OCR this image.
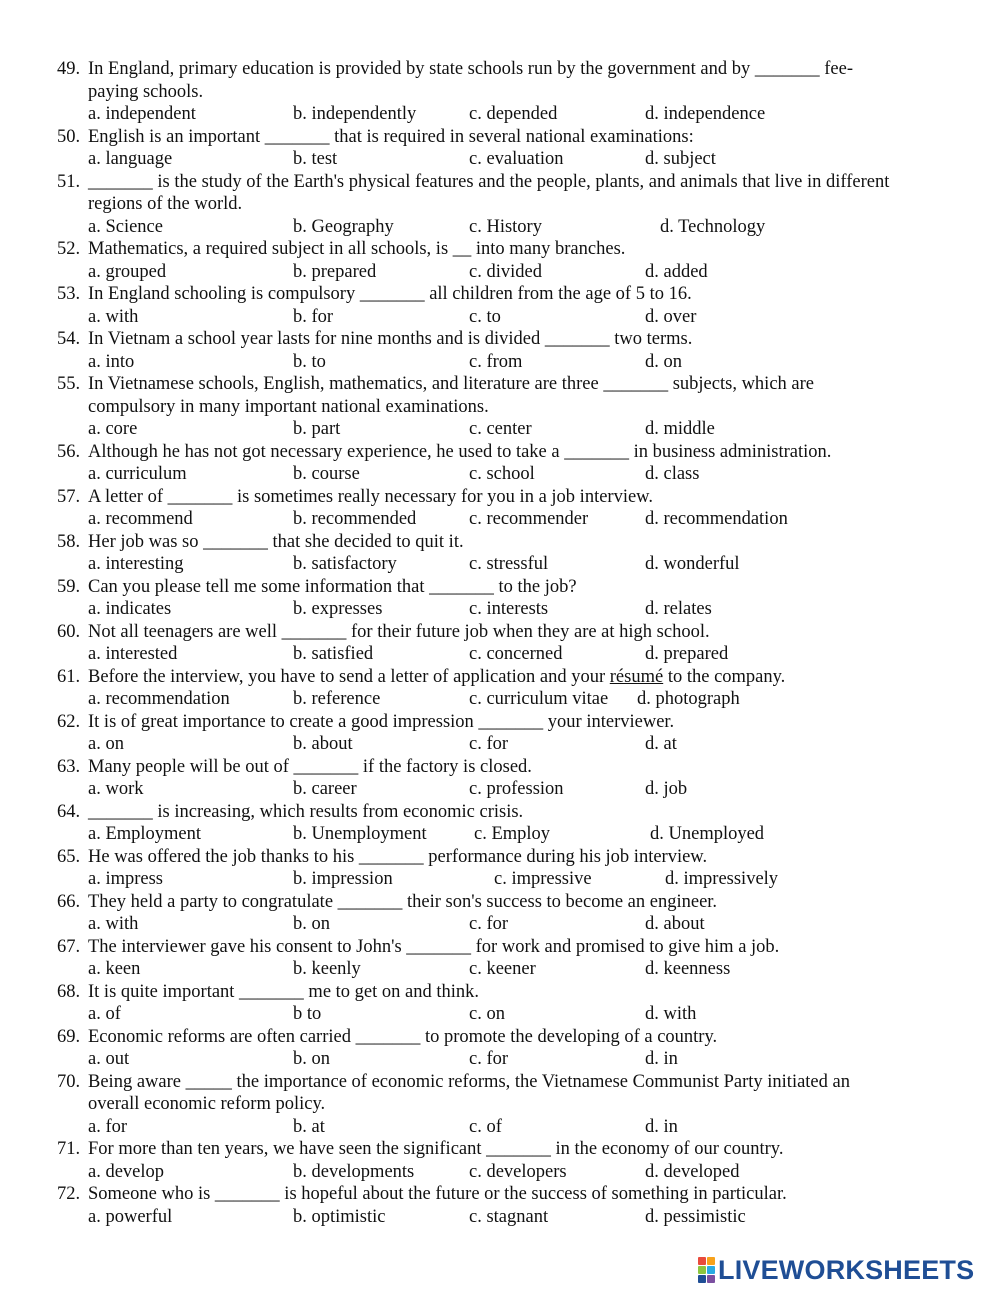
49. In England, primary education is provided by state schools run by the government and by _______ fee-
paying schools.
a. independent	b. independently	c. depended	d. independence
50. English is an important _______ that is required in several national examinations:
a. language	b. test	c. evaluation	d. subject
51. _______ is the study of the Earth's physical features and the people, plants, and animals that live in different
regions of the world.
a. Science	b. Geography	c. History	d. Technology
52. Mathematics, a required subject in all schools, is __ into many branches.
a. grouped	b. prepared	c. divided	d. added
53. In England schooling is compulsory _______ all children from the age of 5 to 16.
a. with	b. for	c. to	d. over
54. In Vietnam a school year lasts for nine months and is divided _______ two terms.
a. into	b. to	c. from	d. on
55. In Vietnamese schools, English, mathematics, and literature are three _______ subjects, which are
compulsory in many important national examinations.
a. core	b. part	c. center	d. middle
56. Although he has not got necessary experience, he used to take a _______ in business administration.
a. curriculum	b. course	c. school	d. class
57. A letter of _______ is sometimes really necessary for you in a job interview.
a. recommend	b. recommended	c. recommender	d. recommendation
58. Her job was so _______ that she decided to quit it.
a. interesting	b. satisfactory	c. stressful	d. wonderful
59. Can you please tell me some information that _______ to the job?
a. indicates	b. expresses	c. interests	d. relates
60. Not all teenagers are well _______ for their future job when they are at high school.
a. interested	b. satisfied	c. concerned	d. prepared
61. Before the interview, you have to send a letter of application and your résumé to the company.
a. recommendation	b. reference	c. curriculum vitae d. photograph
62. It is of great importance to create a good impression _______ your interviewer.
a. on	b. about	c. for	d. at
63. Many people will be out of _______ if the factory is closed.
a. work	b. career	c. profession	d. job
64. _______ is increasing, which results from economic crisis.
a. Employment	b. Unemployment	c. Employ	d. Unemployed
65. He was offered the job thanks to his _______ performance during his job interview.
a. impress	b. impression	c. impressive	d. impressively
66. They held a party to congratulate _______ their son's success to become an engineer.
a. with	b. on	c. for	d. about
67. The interviewer gave his consent to John's _______ for work and promised to give him a job.
a. keen	b. keenly	c. keener	d. keenness
68. It is quite important _______ me to get on and think.
a. of	b to	c. on	d. with
69. Economic reforms are often carried _______ to promote the developing of a country.
a. out	b. on	c. for	d. in
70. Being aware _____ the importance of economic reforms, the Vietnamese Communist Party initiated an
overall economic reform policy.
a. for	b. at	c. of	d. in
71. For more than ten years, we have seen the significant _______ in the economy of our country.
a. develop	b. developments	c. developers	d. developed
72. Someone who is _______ is hopeful about the future or the success of something in particular.
a. powerful	b. optimistic	c. stagnant	d. pessimistic
LIVEWORKSHEETS
